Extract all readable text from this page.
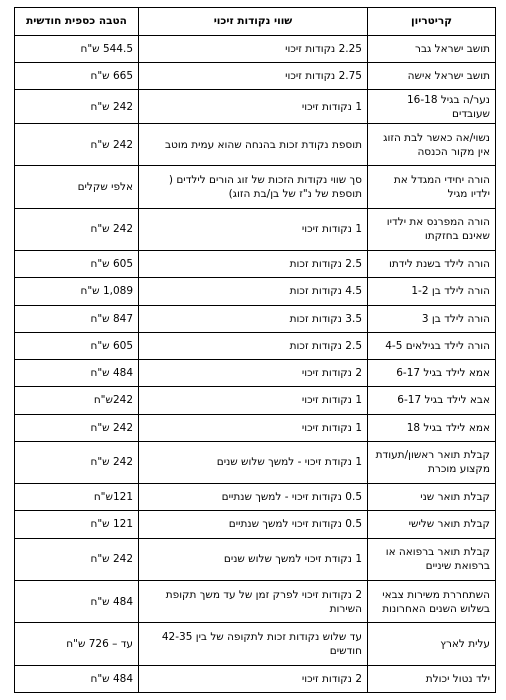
קריטריון	שווי נקודות זיכוי	הטבה כספית חודשית
תושב ישראל גבר	2.25 נקודות זיכוי	544.5 ש"ח
תושב ישראל אישה	2.75 נקודות זיכוי	665 ש"ח
נער/ה בגיל 16-18 שעובדים	1 נקודות זיכוי	242 ש"ח
נשוי/אה כאשר לבת הזוג אין מקור הכנסה	תוספת נקודת זכות בהנחה שהוא עמית מוטב	242 ש"ח
הורה יחידי המגדל את ילדיו מגיל	סך שווי נקודות הזכות של זוג הורים לילדים ( תוספת של נ"ז של בן/בת הזוג)	אלפי שקלים
הורה המפרנס את ילדיו שאינם בחזקתו	1 נקודות זיכוי	242 ש"ח
הורה לילד בשנת לידתו	2.5 נקודות זכות	605 ש"ח
הורה לילד בן 1-2	4.5 נקודות זכות	1,089 ש"ח
הורה לילד בן 3	3.5 נקודות זכות	847 ש"ח
הורה לילד בגילאים 4-5	2.5 נקודות זכות	605 ש"ח
אמא לילד בגיל 6-17	2 נקודות זיכוי	484 ש"ח
אבא לילד בגיל 6-17	1 נקודות זיכוי	242ש"ח
אמא לילד בגיל 18	1 נקודות זיכוי	242 ש"ח
קבלת תואר ראשון/תעודת מקצוע מוכרת	1 נקודת זיכוי - למשך שלוש שנים	242 ש"ח
קבלת תואר שני	0.5 נקודות זיכוי - למשך שנתיים	121ש"ח
קבלת תואר שלישי	0.5 נקודות זיכוי למשך שנתיים	121 ש"ח
קבלת תואר ברפואה או ברפואת שיניים	1 נקודת זיכוי למשך שלוש שנים	242 ש"ח
השתחררת משירות צבאי בשלוש השנים האחרונות	2 נקודות זיכוי לפרק זמן של עד משך תקופת השירות	484 ש"ח
עלית לארץ	עד שלוש נקודות זכות לתקופה של בין 42-35 חודשים	עד – 726 ש"ח
ילד נטול יכולת	2 נקודות זיכוי	484 ש"ח
